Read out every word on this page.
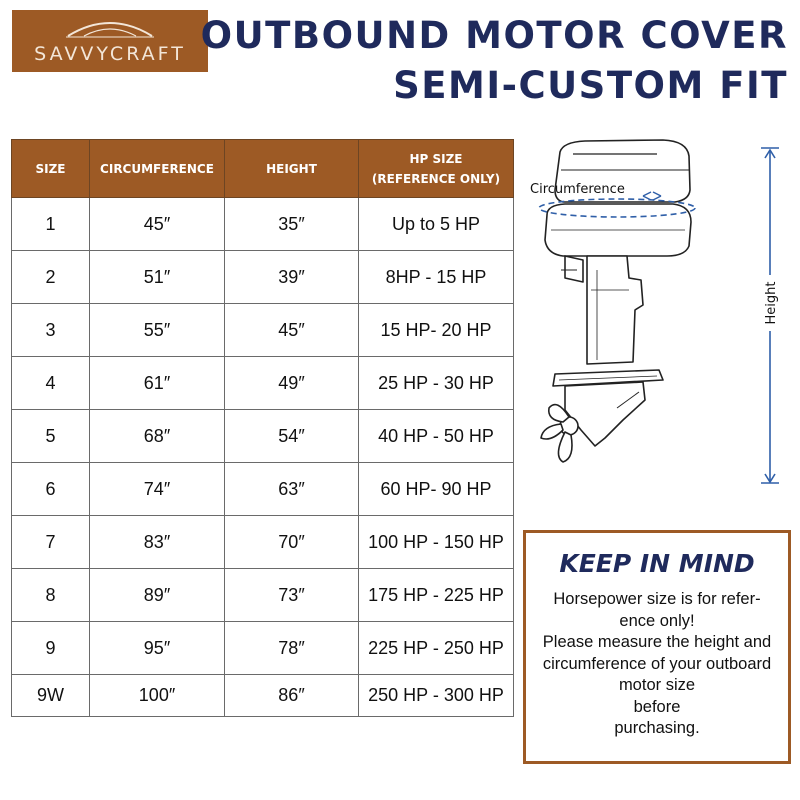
SAVVYCRAFT OUTBOUND MOTOR COVER
SEMI-CUSTOM FIT
SIZE	CIRCUMFERENCE	HEIGHT	HP SIZE
(REFERENCE ONLY)
1	45″	35″	Up to 5 HP
2	51″	39″	8HP - 15 HP
3	55″	45″	15 HP- 20 HP
4	61″	49″	25 HP - 30 HP
5	68″	54″	40 HP - 50 HP
6	74″	63″	60 HP- 90 HP
7	83″	70″	100 HP - 150 HP
8	89″	73″	175 HP - 225 HP
9	95″	78″	225 HP - 250 HP
9W	100″	86″	250 HP - 300 HP
Circumference
Height
KEEP IN MIND
Horsepower size is for refer-
ence only!
Please measure the height and
circumference of your outboard
motor size
before
purchasing.
